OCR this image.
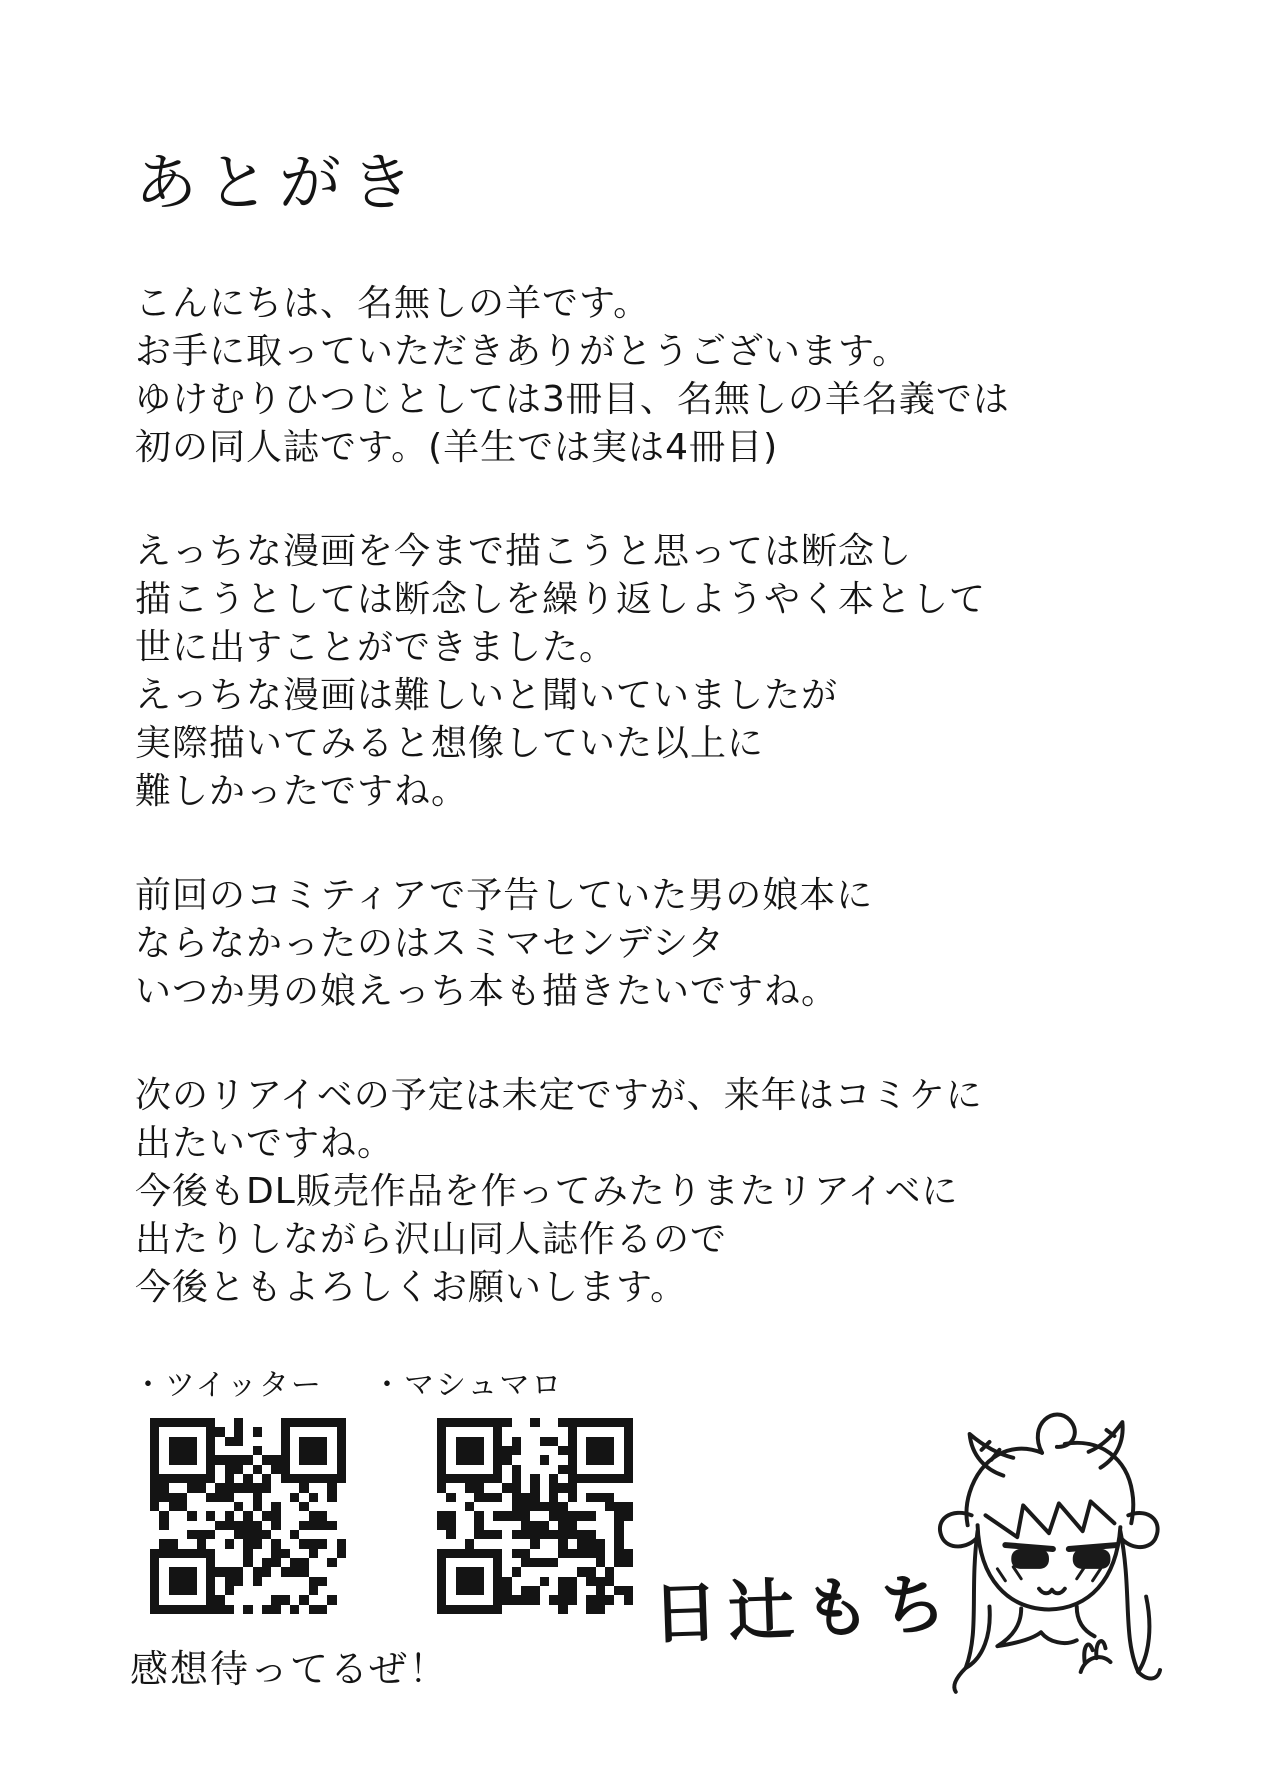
あとがき
こんにちは、名無しの羊です。
お手に取っていただきありがとうございます。
ゆけむりひつじとしては3冊目、名無しの羊名義では
初の同人誌です。(羊生では実は4冊目)
えっちな漫画を今まで描こうと思っては断念し
描こうとしては断念しを繰り返しようやく本として
世に出すことができました。
えっちな漫画は難しいと聞いていましたが
実際描いてみると想像していた以上に
難しかったですね。
前回のコミティアで予告していた男の娘本に
ならなかったのはスミマセンデシタ
いつか男の娘えっち本も描きたいですね。
次のリアイベの予定は未定ですが、来年はコミケに
出たいですね。
今後もDL販売作品を作ってみたりまたリアイベに
出たりしながら沢山同人誌作るので
今後ともよろしくお願いします。
・ツイッター ・マシュマロ
日辻もち
感想待ってるぜ！
